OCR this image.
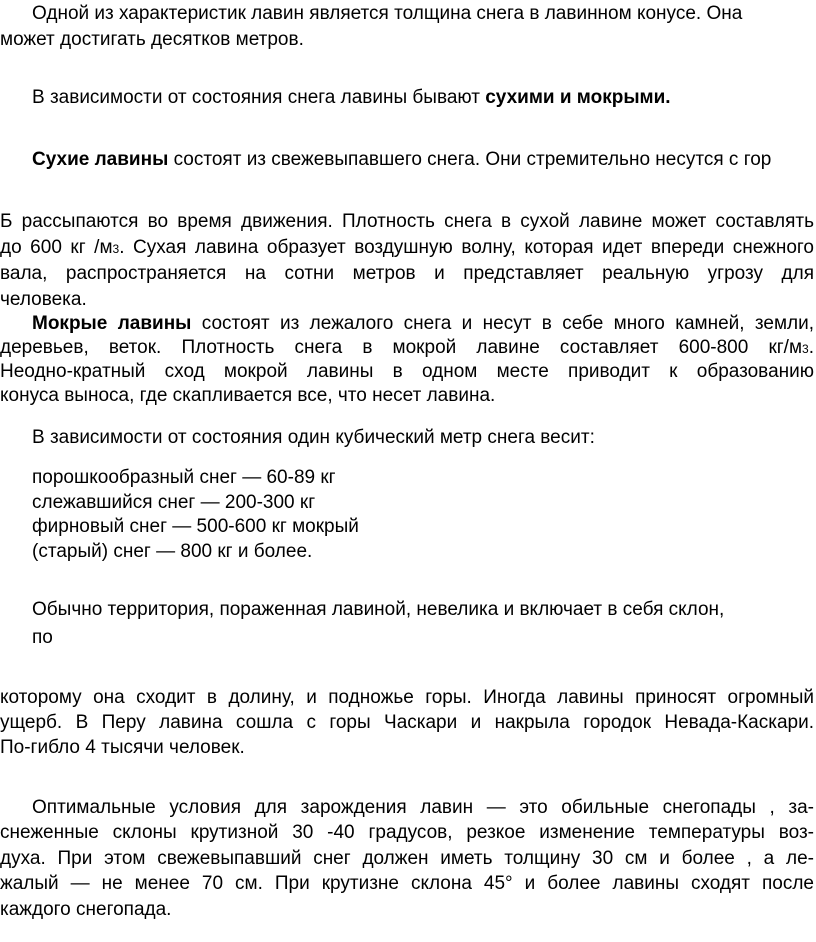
Одной из характеристик лавин является толщина снега в лавинном конусе. Она
может достигать десятков метров.
В зависимости от состояния снега лавины бывают сухими и мокрыми.
Сухие лавины состоят из свежевыпавшего снега. Они стремительно несутся с гор
Б рассыпаются во время движения. Плотность снега в сухой лавине может составлять
до 600 кг /м3. Сухая лавина образует воздушную волну, которая идет впереди снежного
вала, распространяется на сотни метров и представляет реальную угрозу для
человека.
Мокрые лавины состоят из лежалого снега и несут в себе много камней, земли,
деревьев, веток. Плотность снега в мокрой лавине составляет 600-800 кг/м3.
Неодно-кратный сход мокрой лавины в одном месте приводит к образованию
конуса выноса, где скапливается все, что несет лавина.
В зависимости от состояния один кубический метр снега весит:
порошкообразный снег — 60-89 кг
слежавшийся снег — 200-300 кг
фирновый снег — 500-600 кг мокрый
(старый) снег — 800 кг и более.
Обычно территория, пораженная лавиной, невелика и включает в себя склон,
по
которому она сходит в долину, и подножье горы. Иногда лавины приносят огромный
ущерб. В Перу лавина сошла с горы Часкари и накрыла городок Невада-Каскари.
По-гибло 4 тысячи человек.
Оптимальные условия для зарождения лавин — это обильные снегопады , за-
снеженные склоны крутизной 30 -40 градусов, резкое изменение температуры воз-
духа. При этом свежевыпавший снег должен иметь толщину 30 см и более , а ле-
жалый — не менее 70 см. При крутизне склона 45° и более лавины сходят после
каждого снегопада.
